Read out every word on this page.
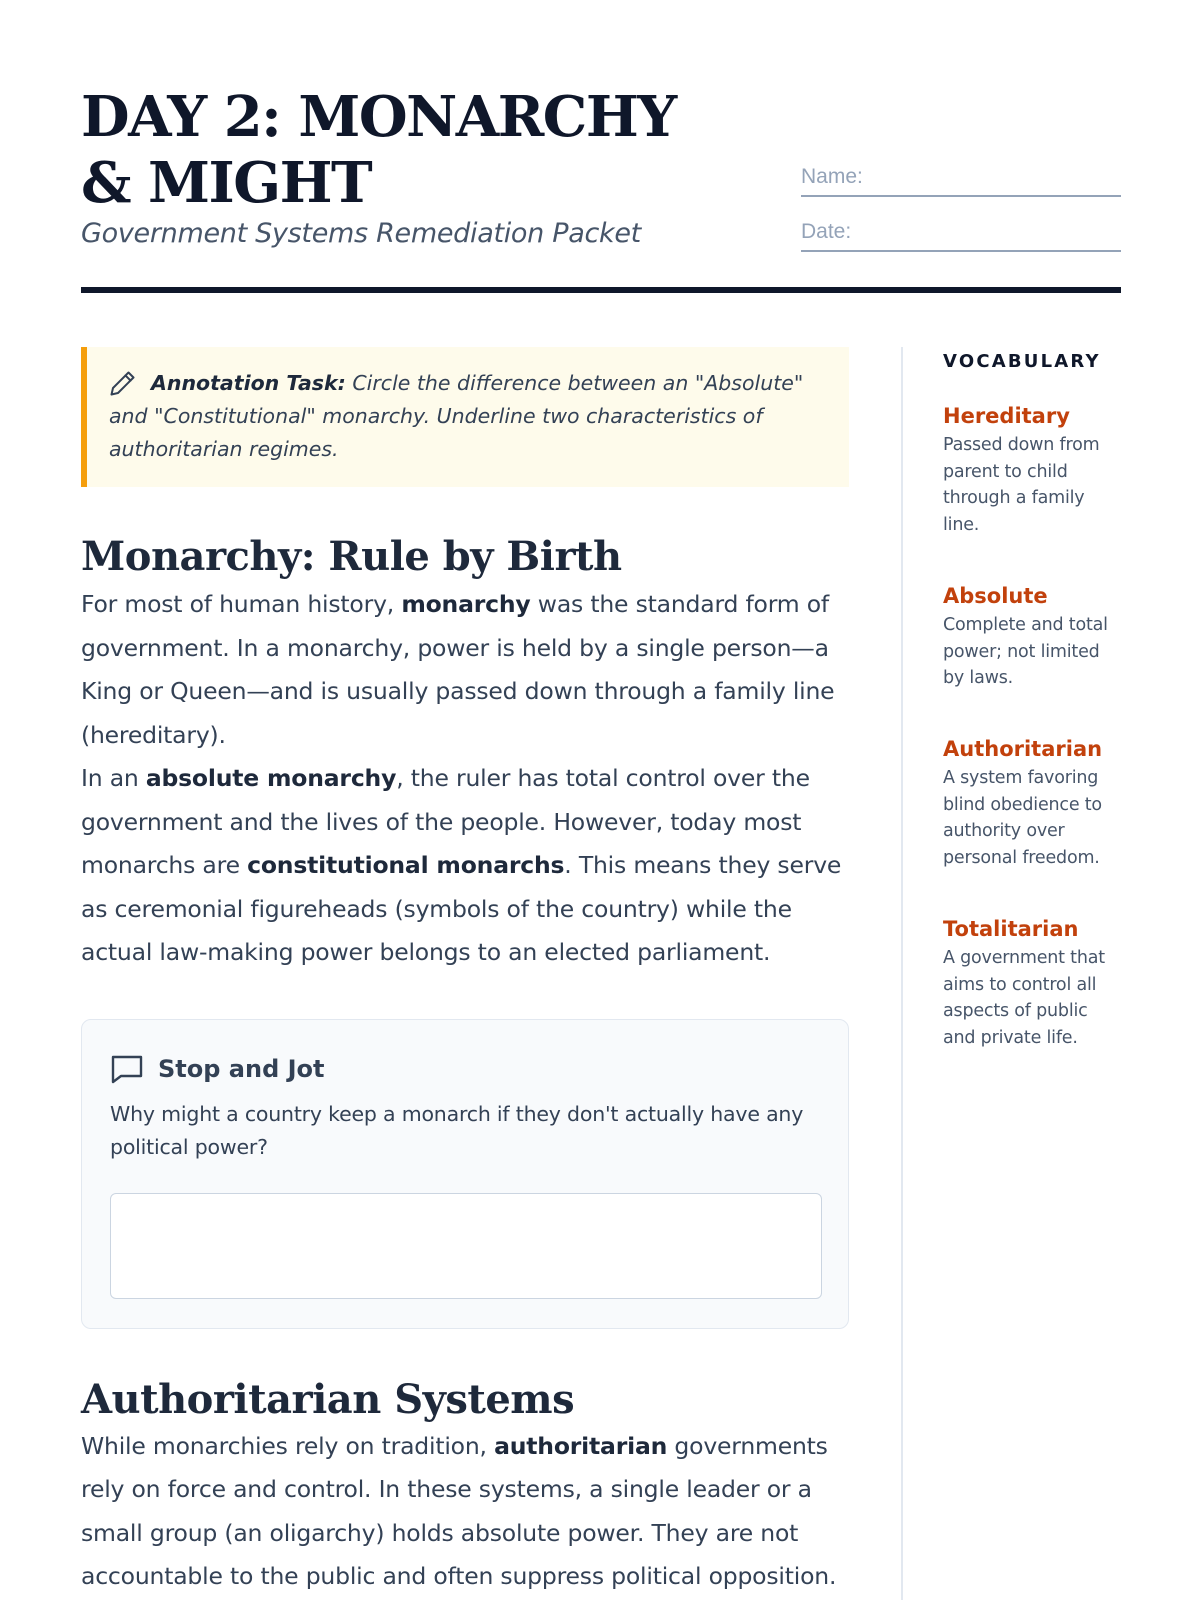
DAY 2: MONARCHY & MIGHT
Government Systems Remediation Packet
Name:
Date:
Annotation Task: Circle the difference between an "Absolute" and "Constitutional" monarchy. Underline two characteristics of authoritarian regimes.
Monarchy: Rule by Birth

For most of human history, monarchy was the standard form of government. In a monarchy, power is held by a single person—a King or Queen—and is usually passed down through a family line (hereditary).

In an absolute monarchy, the ruler has total control over the government and the lives of the people. However, today most monarchs are constitutional monarchs. This means they serve as ceremonial figureheads (symbols of the country) while the actual law-making power belongs to an elected parliament.

Stop and Jot
Why might a country keep a monarch if they don't actually have any political power?
Authoritarian Systems

While monarchies rely on tradition, authoritarian governments rely on force and control. In these systems, a single leader or a small group (an oligarchy) holds absolute power. They are not accountable to the public and often suppress political opposition.

VOCABULARY
Hereditary
Passed down from parent to child through a family line.
Absolute
Complete and total power; not limited by laws.
Authoritarian
A system favoring blind obedience to authority over personal freedom.
Totalitarian
A government that aims to control all aspects of public and private life.
